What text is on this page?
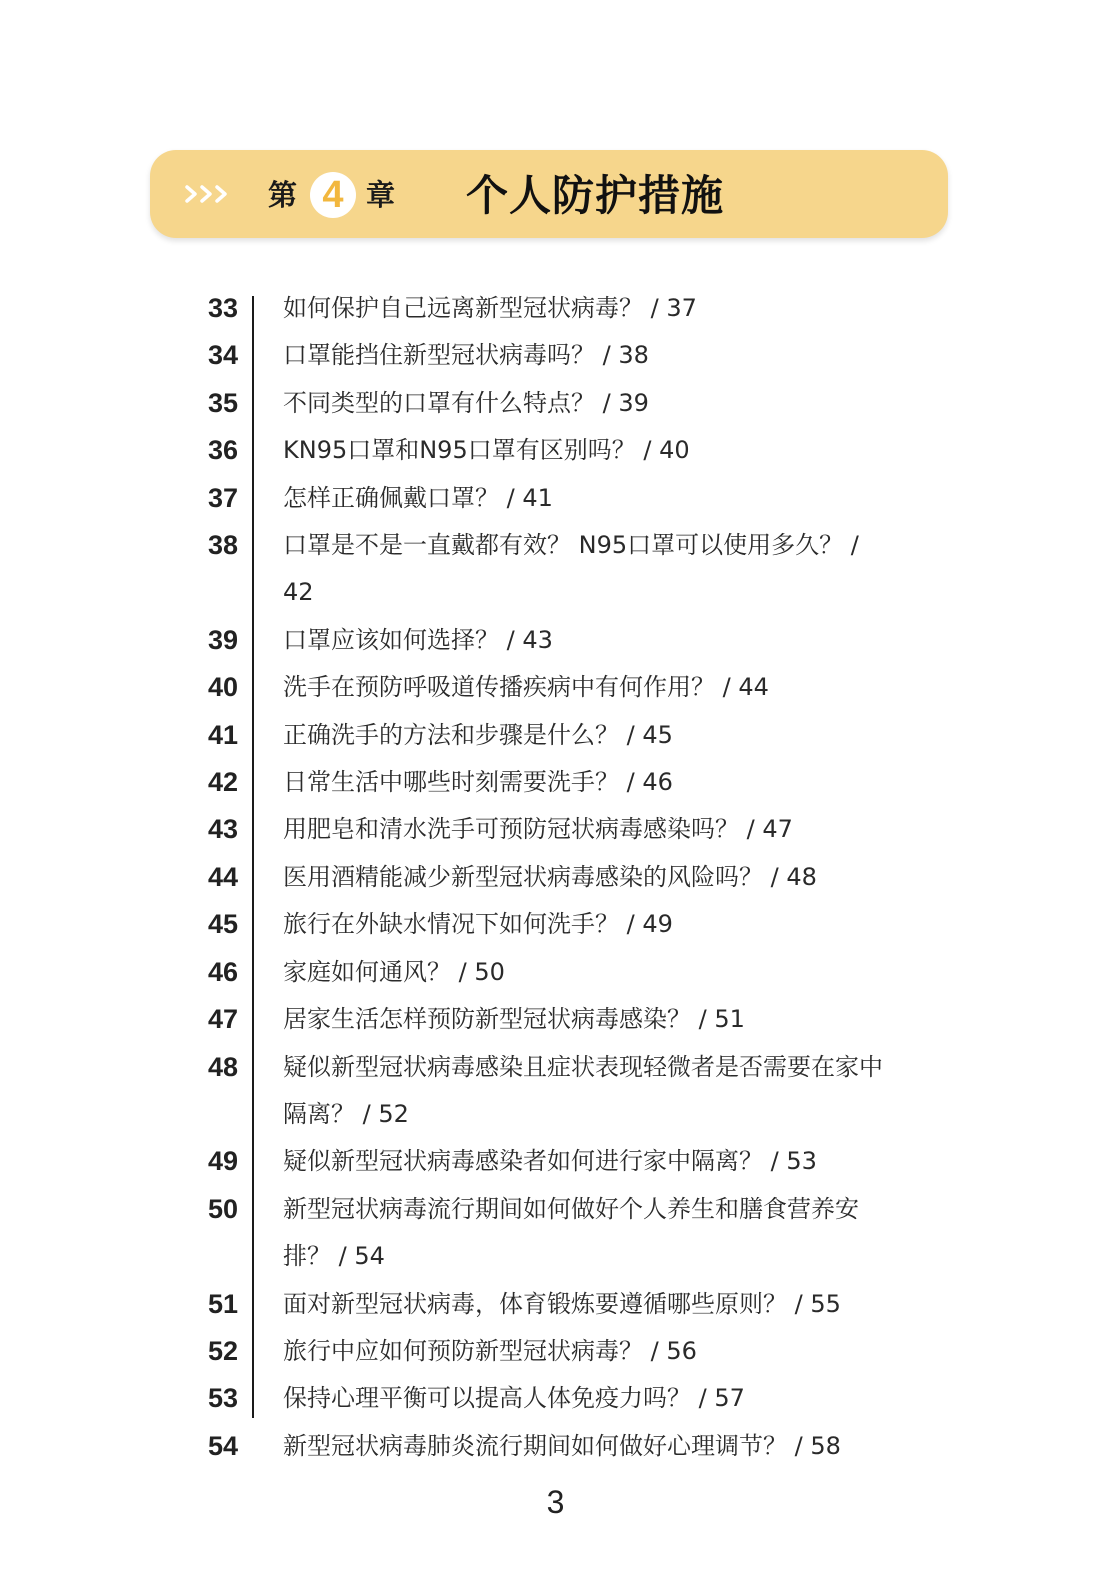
第 4 章 个人防护措施
33 如何保护自己远离新型冠状病毒？ / 37
34 口罩能挡住新型冠状病毒吗？ / 38
35 不同类型的口罩有什么特点？ / 39
36 KN95口罩和N95口罩有区别吗？ / 40
37 怎样正确佩戴口罩？ / 41
38 口罩是不是一直戴都有效？ N95口罩可以使用多久？ / 42
39 口罩应该如何选择？ / 43
40 洗手在预防呼吸道传播疾病中有何作用？ / 44
41 正确洗手的方法和步骤是什么？ / 45
42 日常生活中哪些时刻需要洗手？ / 46
43 用肥皂和清水洗手可预防冠状病毒感染吗？ / 47
44 医用酒精能减少新型冠状病毒感染的风险吗？ / 48
45 旅行在外缺水情况下如何洗手？ / 49
46 家庭如何通风？ / 50
47 居家生活怎样预防新型冠状病毒感染？ / 51
48 疑似新型冠状病毒感染且症状表现轻微者是否需要在家中隔离？ / 52
49 疑似新型冠状病毒感染者如何进行家中隔离？ / 53
50 新型冠状病毒流行期间如何做好个人养生和膳食营养安排？ / 54
51 面对新型冠状病毒，体育锻炼要遵循哪些原则？ / 55
52 旅行中应如何预防新型冠状病毒？ / 56
53 保持心理平衡可以提高人体免疫力吗？ / 57
54 新型冠状病毒肺炎流行期间如何做好心理调节？ / 58
3
